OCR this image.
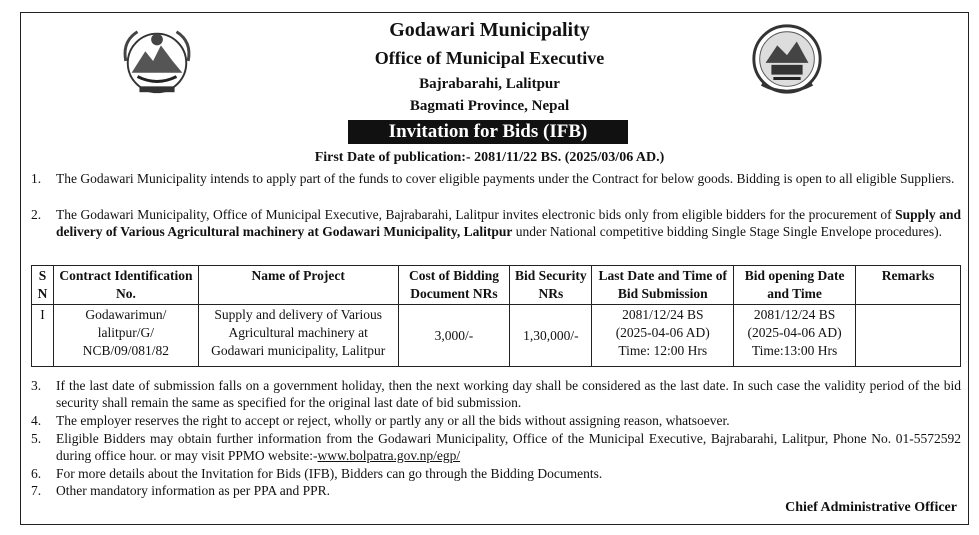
Godawari Municipality
Office of Municipal Executive
Bajrabarahi, Lalitpur
Bagmati Province, Nepal
Invitation for Bids (IFB)
First Date of publication:- 2081/11/22 BS. (2025/03/06 AD.)
1. The Godawari Municipality intends to apply part of the funds to cover eligible payments under the Contract for below goods. Bidding is open to all eligible Suppliers.
2. The Godawari Municipality, Office of Municipal Executive, Bajrabarahi, Lalitpur invites electronic bids only from eligible bidders for the procurement of Supply and delivery of Various Agricultural machinery at Godawari Municipality, Lalitpur under National competitive bidding Single Stage Single Envelope procedures).
S N	Contract Identification No.	Name of Project	Cost of Bidding Document NRs	Bid Security NRs	Last Date and Time of Bid Submission	Bid opening Date and Time	Remarks
I	Godawarimun/
lalitpur/G/
NCB/09/081/82	Supply and delivery of Various
Agricultural machinery at
Godawari municipality, Lalitpur	3,000/-	1,30,000/-	2081/12/24 BS
(2025-04-06 AD)
Time: 12:00 Hrs	2081/12/24 BS
(2025-04-06 AD)
Time:13:00 Hrs	

3. If the last date of submission falls on a government holiday, then the next working day shall be considered as the last date. In such case the validity period of the bid security shall remain the same as specified for the original last date of bid submission.
4. The employer reserves the right to accept or reject, wholly or partly any or all the bids without assigning reason, whatsoever.
5. Eligible Bidders may obtain further information from the Godawari Municipality, Office of the Municipal Executive, Bajrabarahi, Lalitpur, Phone No. 01-5572592 during office hour. or may visit PPMO website:-www.bolpatra.gov.np/egp/
6. For more details about the Invitation for Bids (IFB), Bidders can go through the Bidding Documents.
7. Other mandatory information as per PPA and PPR.
Chief Administrative Officer
